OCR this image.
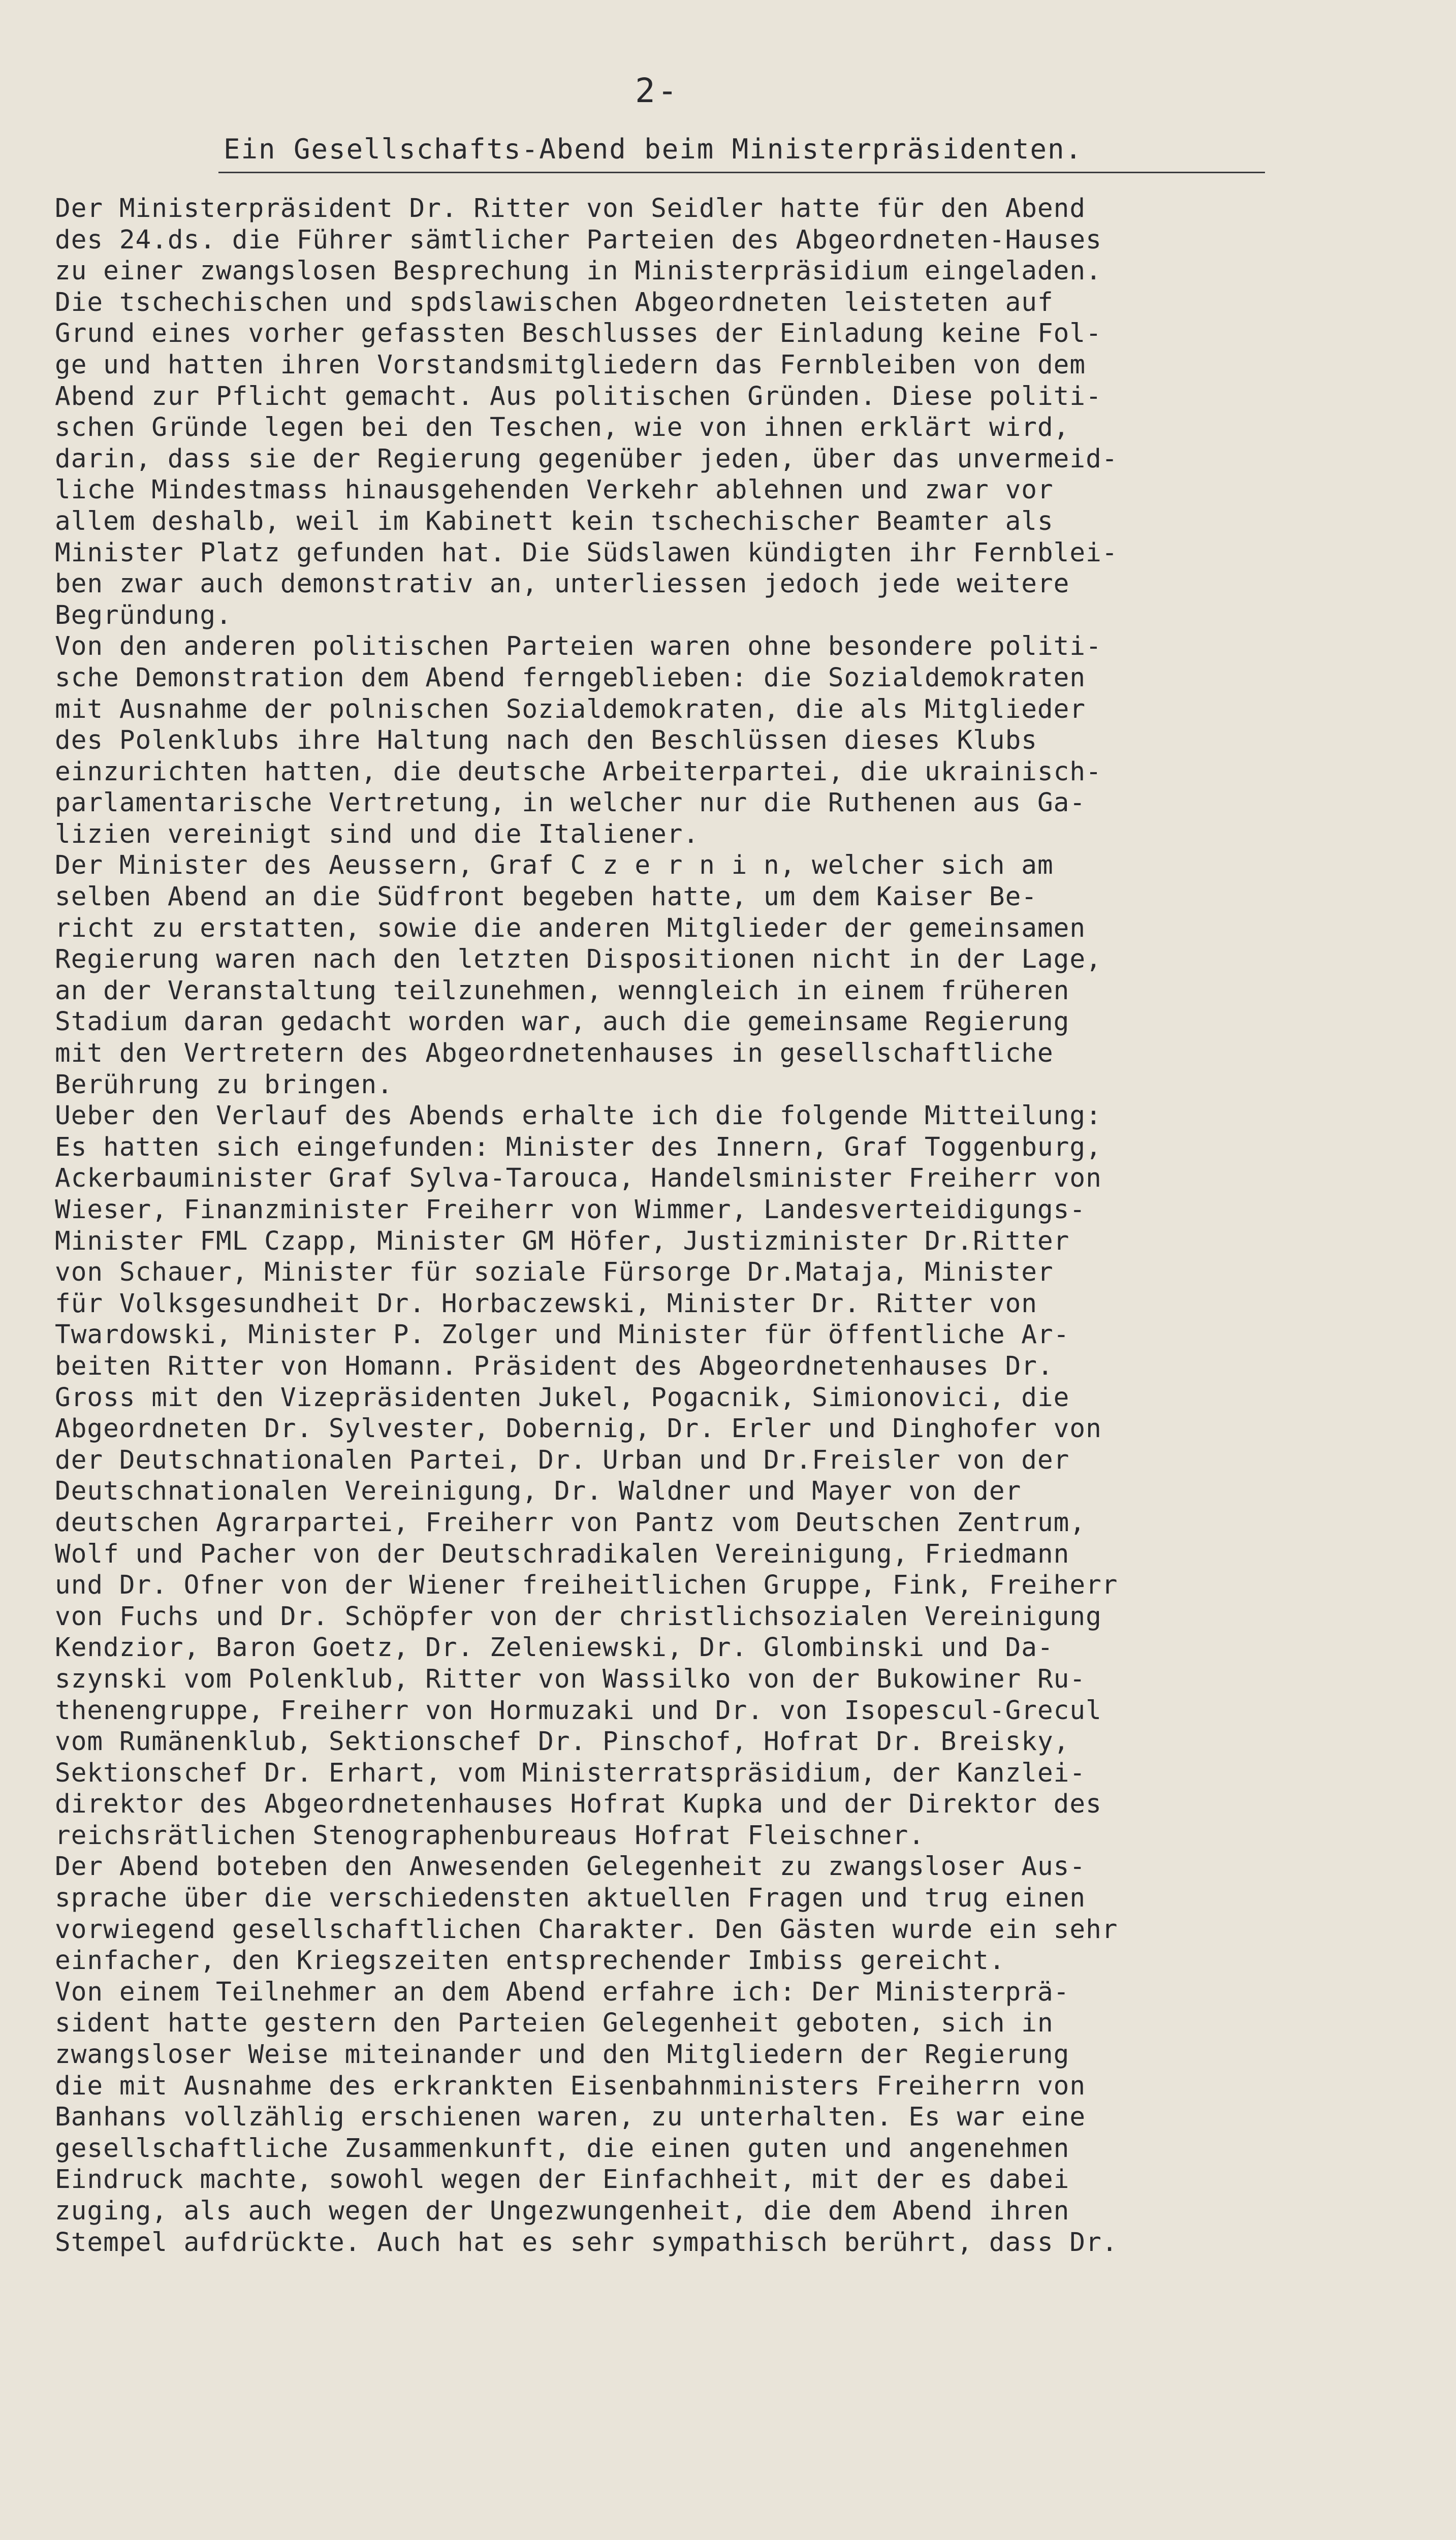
2-
Ein Gesellschafts-Abend beim Ministerpräsidenten.
Der Ministerpräsident Dr. Ritter von Seidler hatte für den Abend
des 24.ds. die Führer sämtlicher Parteien des Abgeordneten-Hauses
zu einer zwangslosen Besprechung in Ministerpräsidium eingeladen.
Die tschechischen und spdslawischen Abgeordneten leisteten auf
Grund eines vorher gefassten Beschlusses der Einladung keine Fol-
ge und hatten ihren Vorstandsmitgliedern das Fernbleiben von dem
Abend zur Pflicht gemacht. Aus politischen Gründen. Diese politi-
schen Gründe legen bei den Teschen, wie von ihnen erklärt wird,
darin, dass sie der Regierung gegenüber jeden, über das unvermeid-
liche Mindestmass hinausgehenden Verkehr ablehnen und zwar vor
allem deshalb, weil im Kabinett kein tschechischer Beamter als
Minister Platz gefunden hat. Die Südslawen kündigten ihr Fernblei-
ben zwar auch demonstrativ an, unterliessen jedoch jede weitere
Begründung.
Von den anderen politischen Parteien waren ohne besondere politi-
sche Demonstration dem Abend ferngeblieben: die Sozialdemokraten
mit Ausnahme der polnischen Sozialdemokraten, die als Mitglieder
des Polenklubs ihre Haltung nach den Beschlüssen dieses Klubs
einzurichten hatten, die deutsche Arbeiterpartei, die ukrainisch-
parlamentarische Vertretung, in welcher nur die Ruthenen aus Ga-
lizien vereinigt sind und die Italiener.
Der Minister des Aeussern, Graf C z e r n i n, welcher sich am
selben Abend an die Südfront begeben hatte, um dem Kaiser Be-
richt zu erstatten, sowie die anderen Mitglieder der gemeinsamen
Regierung waren nach den letzten Dispositionen nicht in der Lage,
an der Veranstaltung teilzunehmen, wenngleich in einem früheren
Stadium daran gedacht worden war, auch die gemeinsame Regierung
mit den Vertretern des Abgeordnetenhauses in gesellschaftliche
Berührung zu bringen.
Ueber den Verlauf des Abends erhalte ich die folgende Mitteilung:
Es hatten sich eingefunden: Minister des Innern, Graf Toggenburg,
Ackerbauminister Graf Sylva-Tarouca, Handelsminister Freiherr von
Wieser, Finanzminister Freiherr von Wimmer, Landesverteidigungs-
Minister FML Czapp, Minister GM Höfer, Justizminister Dr.Ritter
von Schauer, Minister für soziale Fürsorge Dr.Mataja, Minister
für Volksgesundheit Dr. Horbaczewski, Minister Dr. Ritter von
Twardowski, Minister P. Zolger und Minister für öffentliche Ar-
beiten Ritter von Homann. Präsident des Abgeordnetenhauses Dr.
Gross mit den Vizepräsidenten Jukel, Pogacnik, Simionovici, die
Abgeordneten Dr. Sylvester, Dobernig, Dr. Erler und Dinghofer von
der Deutschnationalen Partei, Dr. Urban und Dr.Freisler von der
Deutschnationalen Vereinigung, Dr. Waldner und Mayer von der
deutschen Agrarpartei, Freiherr von Pantz vom Deutschen Zentrum,
Wolf und Pacher von der Deutschradikalen Vereinigung, Friedmann
und Dr. Ofner von der Wiener freiheitlichen Gruppe, Fink, Freiherr
von Fuchs und Dr. Schöpfer von der christlichsozialen Vereinigung
Kendzior, Baron Goetz, Dr. Zeleniewski, Dr. Glombinski und Da-
szynski vom Polenklub, Ritter von Wassilko von der Bukowiner Ru-
thenengruppe, Freiherr von Hormuzaki und Dr. von Isopescul-Grecul
vom Rumänenklub, Sektionschef Dr. Pinschof, Hofrat Dr. Breisky,
Sektionschef Dr. Erhart, vom Ministerratspräsidium, der Kanzlei-
direktor des Abgeordnetenhauses Hofrat Kupka und der Direktor des
reichsrätlichen Stenographenbureaus Hofrat Fleischner.
Der Abend boteben den Anwesenden Gelegenheit zu zwangsloser Aus-
sprache über die verschiedensten aktuellen Fragen und trug einen
vorwiegend gesellschaftlichen Charakter. Den Gästen wurde ein sehr
einfacher, den Kriegszeiten entsprechender Imbiss gereicht.
Von einem Teilnehmer an dem Abend erfahre ich: Der Ministerprä-
sident hatte gestern den Parteien Gelegenheit geboten, sich in
zwangsloser Weise miteinander und den Mitgliedern der Regierung
die mit Ausnahme des erkrankten Eisenbahnministers Freiherrn von
Banhans vollzählig erschienen waren, zu unterhalten. Es war eine
gesellschaftliche Zusammenkunft, die einen guten und angenehmen
Eindruck machte, sowohl wegen der Einfachheit, mit der es dabei
zuging, als auch wegen der Ungezwungenheit, die dem Abend ihren
Stempel aufdrückte. Auch hat es sehr sympathisch berührt, dass Dr.
